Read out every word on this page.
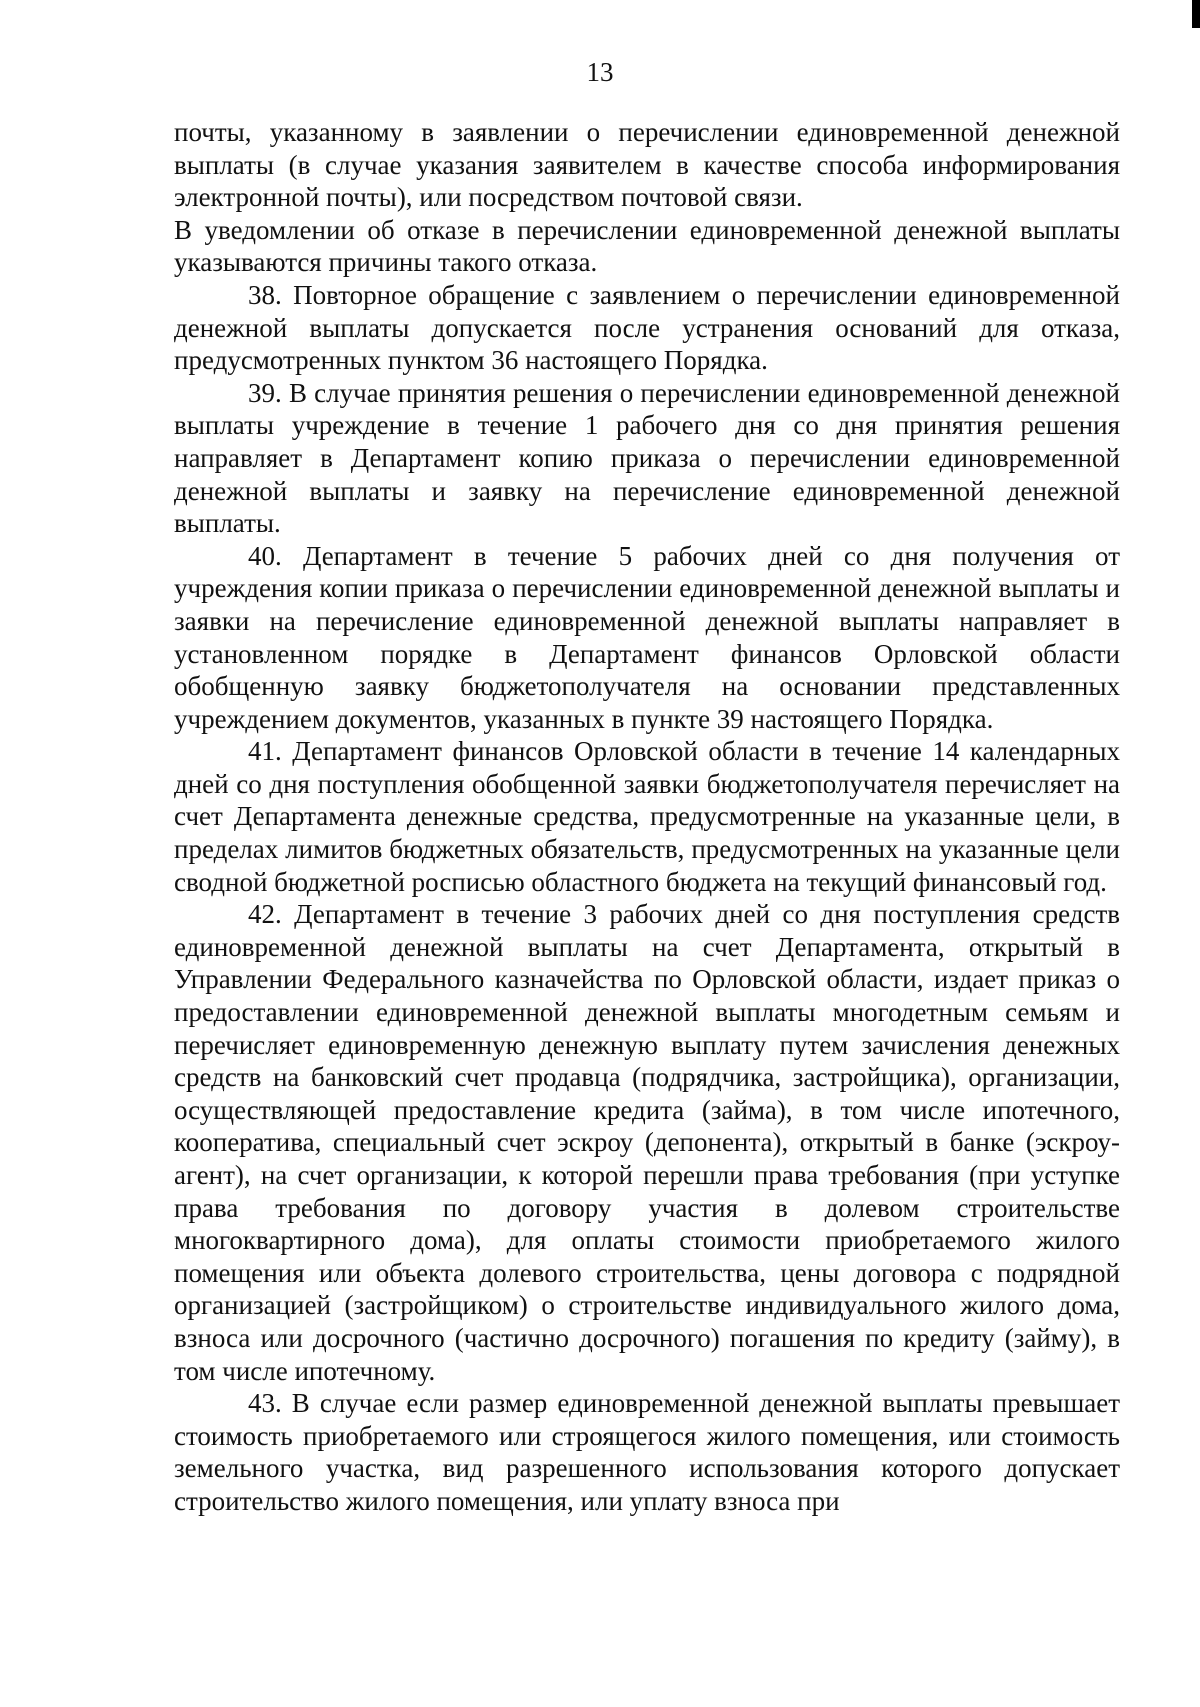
13

почты, указанному в заявлении о перечислении единовременной денежной выплаты (в случае указания заявителем в качестве способа информирования электронной почты), или посредством почтовой связи.

В уведомлении об отказе в перечислении единовременной денежной выплаты указываются причины такого отказа.

38. Повторное обращение с заявлением о перечислении единовременной денежной выплаты допускается после устранения оснований для отказа, предусмотренных пунктом 36 настоящего Порядка.

39. В случае принятия решения о перечислении единовременной денежной выплаты учреждение в течение 1 рабочего дня со дня принятия решения направляет в Департамент копию приказа о перечислении единовременной денежной выплаты и заявку на перечисление единовременной денежной выплаты.

40. Департамент в течение 5 рабочих дней со дня получения от учреждения копии приказа о перечислении единовременной денежной выплаты и заявки на перечисление единовременной денежной выплаты направляет в установленном порядке в Департамент финансов Орловской области обобщенную заявку бюджетополучателя на основании представленных учреждением документов, указанных в пункте 39 настоящего Порядка.

41. Департамент финансов Орловской области в течение 14 календарных дней со дня поступления обобщенной заявки бюджетополучателя перечисляет на счет Департамента денежные средства, предусмотренные на указанные цели, в пределах лимитов бюджетных обязательств, предусмотренных на указанные цели сводной бюджетной росписью областного бюджета на текущий финансовый год.

42. Департамент в течение 3 рабочих дней со дня поступления средств единовременной денежной выплаты на счет Департамента, открытый в Управлении Федерального казначейства по Орловской области, издает приказ о предоставлении единовременной денежной выплаты многодетным семьям и перечисляет единовременную денежную выплату путем зачисления денежных средств на банковский счет продавца (подрядчика, застройщика), организации, осуществляющей предоставление кредита (займа), в том числе ипотечного, кооператива, специальный счет эскроу (депонента), открытый в банке (эскроу-агент), на счет организации, к которой перешли права требования (при уступке права требования по договору участия в долевом строительстве многоквартирного дома), для оплаты стоимости приобретаемого жилого помещения или объекта долевого строительства, цены договора с подрядной организацией (застройщиком) о строительстве индивидуального жилого дома, взноса или досрочного (частично досрочного) погашения по кредиту (займу), в том числе ипотечному.

43. В случае если размер единовременной денежной выплаты превышает стоимость приобретаемого или строящегося жилого помещения, или стоимость земельного участка, вид разрешенного использования которого допускает строительство жилого помещения, или уплату взноса при
